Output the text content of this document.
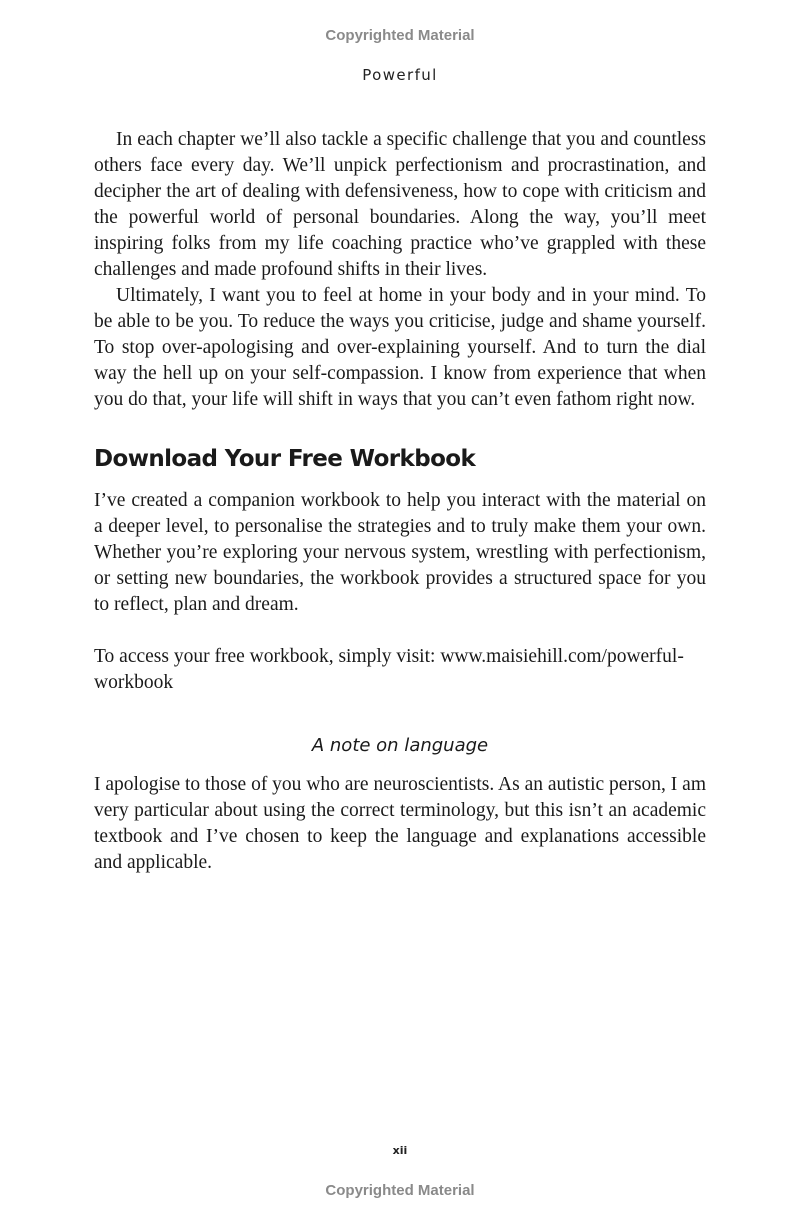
Copyrighted Material
Powerful

In each chapter we’ll also tackle a specific challenge that you and countless others face every day. We’ll unpick perfectionism and procrastination, and decipher the art of dealing with defensiveness, how to cope with criticism and the powerful world of personal boundaries. Along the way, you’ll meet inspiring folks from my life coaching practice who’ve grappled with these challenges and made profound shifts in their lives.

Ultimately, I want you to feel at home in your body and in your mind. To be able to be you. To reduce the ways you criticise, judge and shame yourself. To stop over-apologising and over-explaining yourself. And to turn the dial way the hell up on your self-compassion. I know from experience that when you do that, your life will shift in ways that you can’t even fathom right now.

Download Your Free Workbook

I’ve created a companion workbook to help you interact with the material on a deeper level, to personalise the strategies and to truly make them your own. Whether you’re exploring your nervous system, wrestling with perfectionism, or setting new boundaries, the workbook provides a structured space for you to reflect, plan and dream.

To access your free workbook, simply visit: www.maisiehill.com/powerful-workbook

A note on language

I apologise to those of you who are neuroscientists. As an autistic person, I am very particular about using the correct terminology, but this isn’t an academic textbook and I’ve chosen to keep the language and explanations accessible and applicable.

xii
Copyrighted Material
